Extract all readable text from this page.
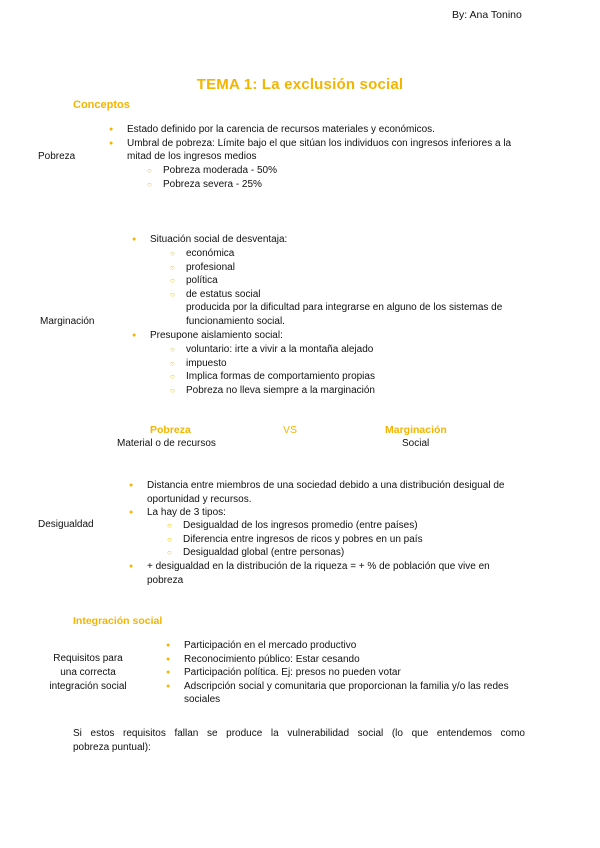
By: Ana Tonino
TEMA 1: La exclusión social
Conceptos
Pobreza
● Estado definido por la carencia de recursos materiales y económicos.
● Umbral de pobreza: Límite bajo el que sitúan los individuos con ingresos inferiores a la
mitad de los ingresos medios
○ Pobreza moderada - 50%
○ Pobreza severa - 25%
Marginación
● Situación social de desventaja:
○ económica
○ profesional
○ política
○ de estatus social
producida por la dificultad para integrarse en alguno de los sistemas de
funcionamiento social.
● Presupone aislamiento social:
○ voluntario: irte a vivir a la montaña alejado
○ impuesto
○ Implica formas de comportamiento propias
○ Pobreza no lleva siempre a la marginación
Pobreza	VS	Marginación
Material o de recursos	Social
Desigualdad
● Distancia entre miembros de una sociedad debido a una distribución desigual de
oportunidad y recursos.
● La hay de 3 tipos:
○ Desigualdad de los ingresos promedio (entre países)
○ Diferencia entre ingresos de ricos y pobres en un país
○ Desigualdad global (entre personas)
● + desigualdad en la distribución de la riqueza = + % de población que vive en
pobreza
Integración social
Requisitos para
una correcta
integración social
● Participación en el mercado productivo
● Reconocimiento público: Estar cesando
● Participación política. Ej: presos no pueden votar
● Adscripción social y comunitaria que proporcionan la familia y/o las redes
sociales
Si estos requisitos fallan se produce la vulnerabilidad social (lo que entendemos como
pobreza puntual):
